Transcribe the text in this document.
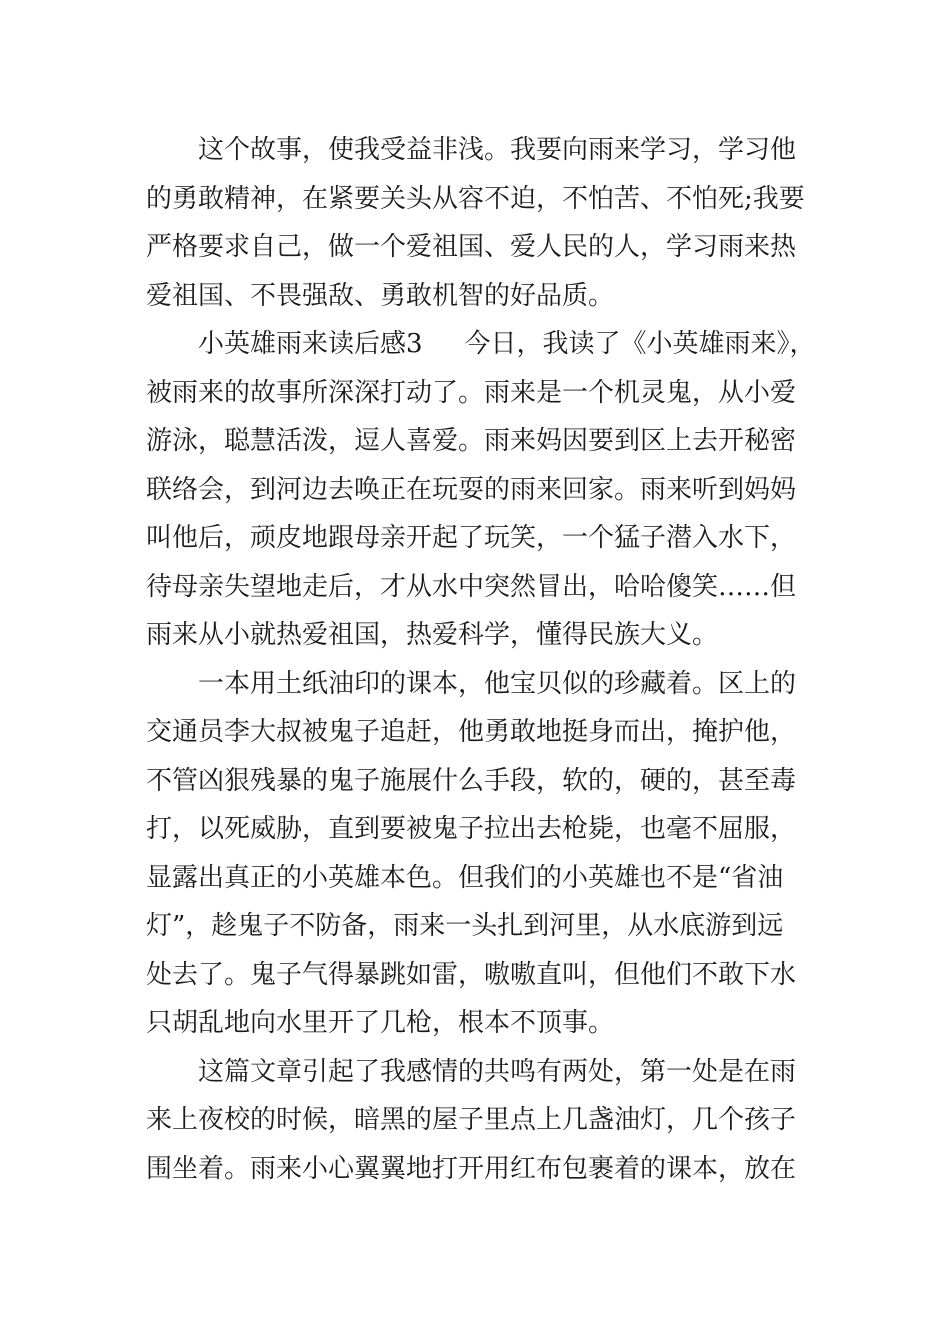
这个故事，使我受益非浅。我要向雨来学习，学习他
的勇敢精神，在紧要关头从容不迫，不怕苦、不怕死;我要
严格要求自己，做一个爱祖国、爱人民的人，学习雨来热
爱祖国、不畏强敌、勇敢机智的好品质。
小英雄雨来读后感3 今日，我读了《小英雄雨来》，
被雨来的故事所深深打动了。雨来是一个机灵鬼，从小爱
游泳，聪慧活泼，逗人喜爱。雨来妈因要到区上去开秘密
联络会，到河边去唤正在玩耍的雨来回家。雨来听到妈妈
叫他后，顽皮地跟母亲开起了玩笑，一个猛子潜入水下，
待母亲失望地走后，才从水中突然冒出，哈哈傻笑……但
雨来从小就热爱祖国，热爱科学，懂得民族大义。
一本用土纸油印的课本，他宝贝似的珍藏着。区上的
交通员李大叔被鬼子追赶，他勇敢地挺身而出，掩护他，
不管凶狠残暴的鬼子施展什么手段，软的，硬的，甚至毒
打，以死威胁，直到要被鬼子拉出去枪毙，也毫不屈服，
显露出真正的小英雄本色。但我们的小英雄也不是“省油
灯”，趁鬼子不防备，雨来一头扎到河里，从水底游到远
处去了。鬼子气得暴跳如雷，嗷嗷直叫，但他们不敢下水
只胡乱地向水里开了几枪，根本不顶事。
这篇文章引起了我感情的共鸣有两处，第一处是在雨
来上夜校的时候，暗黑的屋子里点上几盏油灯，几个孩子
围坐着。雨来小心翼翼地打开用红布包裹着的课本，放在
